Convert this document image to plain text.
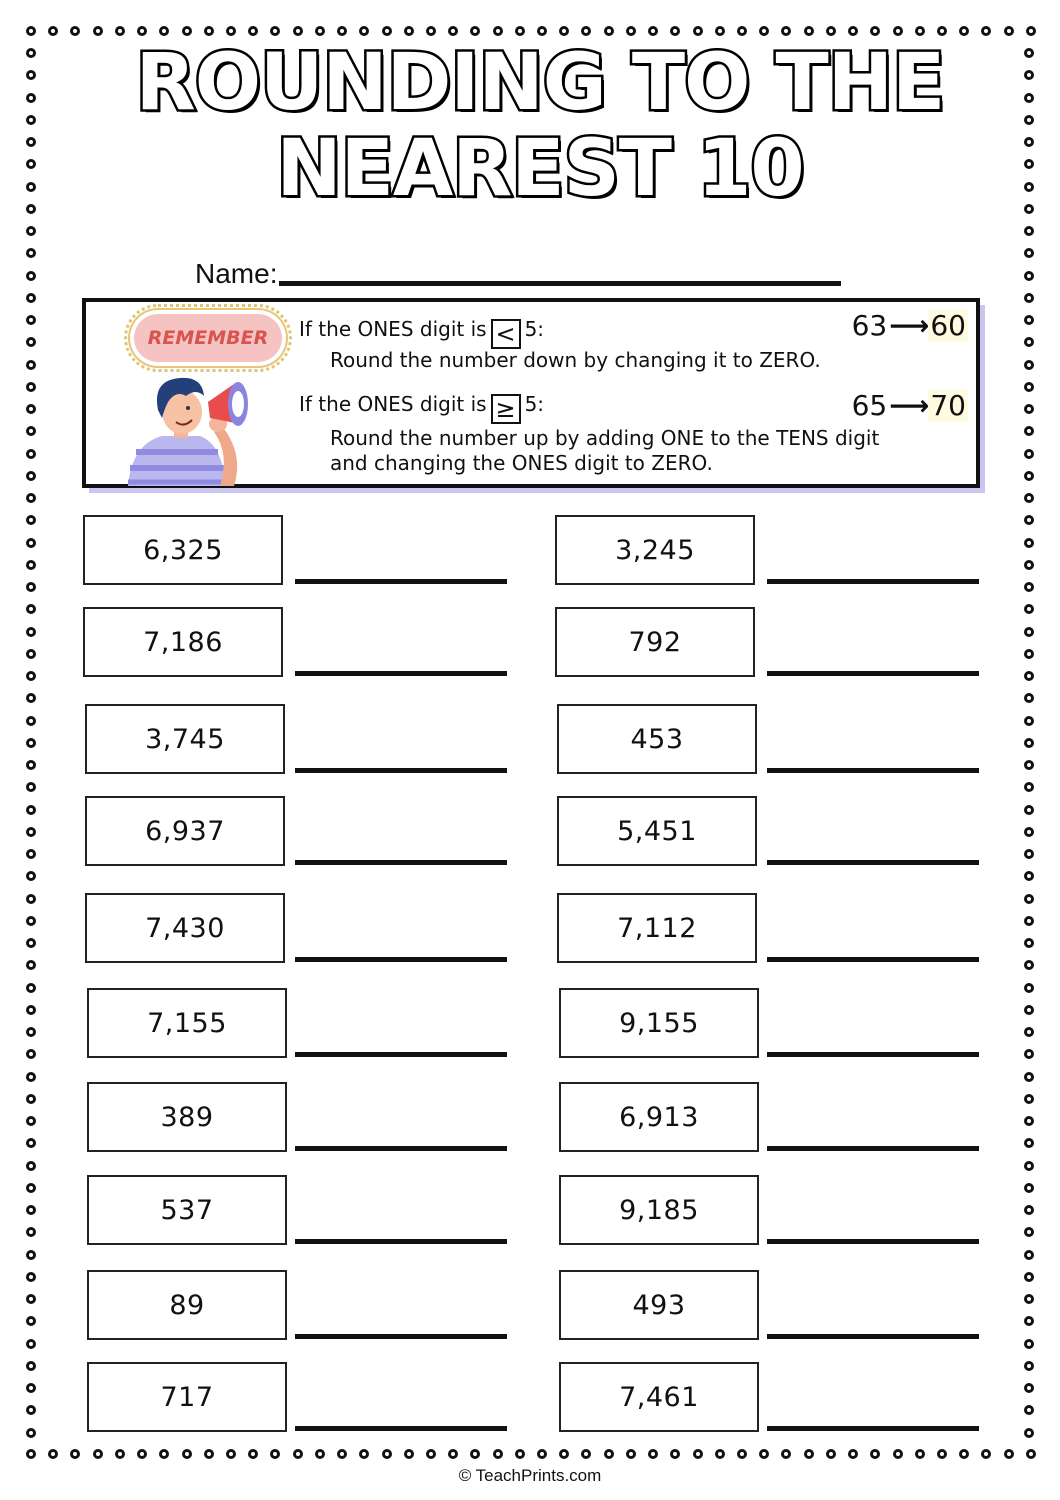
ROUNDING TO THE
NEAREST 10
Name:
REMEMBER If the ONES digit is < 5:
Round the number down by changing it to ZERO.
63 ⟶ 60
If the ONES digit is ≥ 5:
Round the number up by adding ONE to the TENS digit
and changing the ONES digit to ZERO.
65 ⟶ 70
6,325
7,186
3,745
6,937
7,430
7,155
389
537
89
717
3,245
792
453
5,451
7,112
9,155
6,913
9,185
493
7,461
© TeachPrints.com
